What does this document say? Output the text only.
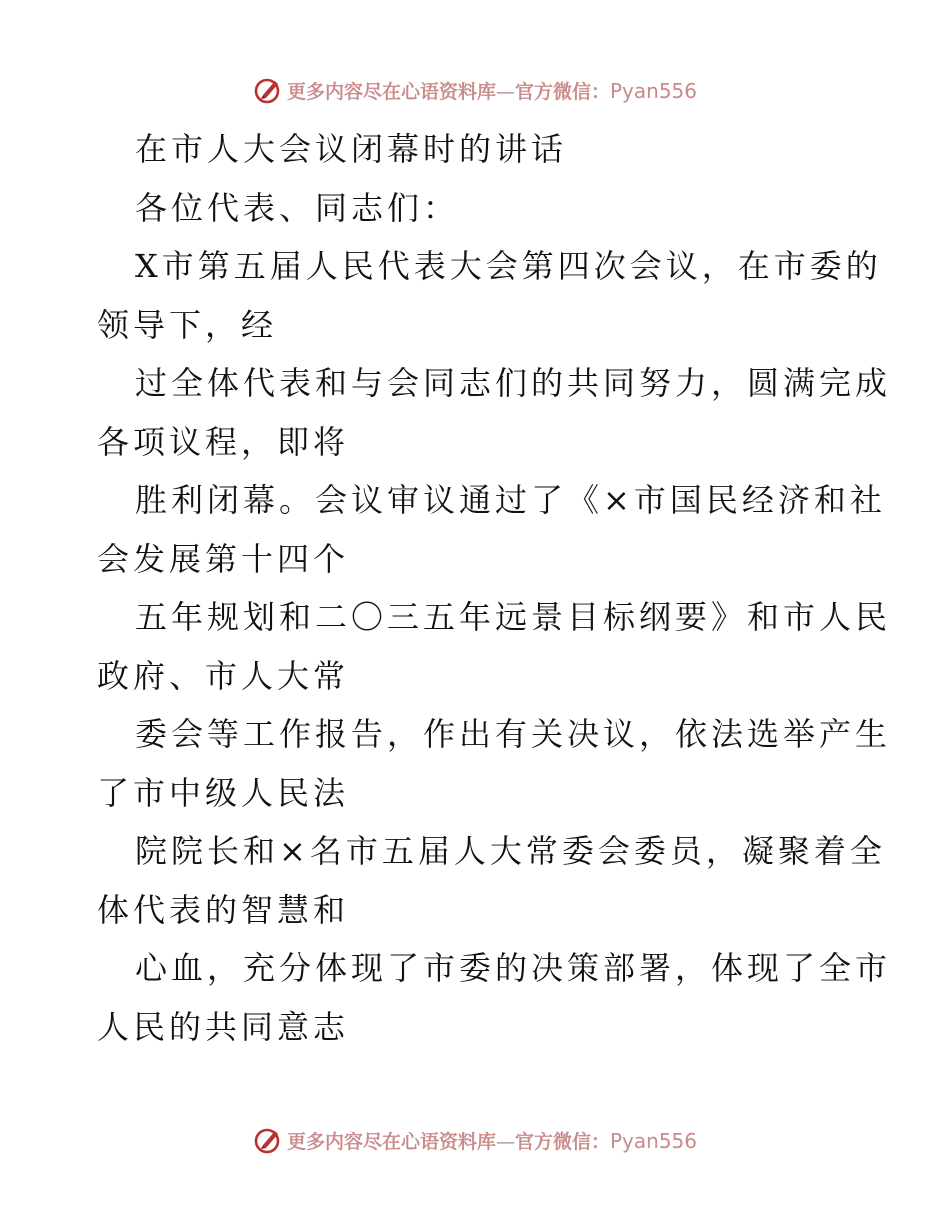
更多内容尽在心语资料库—官方微信：Pyan556
在市人大会议闭幕时的讲话
各位代表、同志们：
X市第五届人民代表大会第四次会议，在市委的
领导下，经
过全体代表和与会同志们的共同努力，圆满完成
各项议程，即将
胜利闭幕。会议审议通过了《×市国民经济和社
会发展第十四个
五年规划和二〇三五年远景目标纲要》和市人民
政府、市人大常
委会等工作报告，作出有关决议，依法选举产生
了市中级人民法
院院长和×名市五届人大常委会委员，凝聚着全
体代表的智慧和
心血，充分体现了市委的决策部署，体现了全市
人民的共同意志
更多内容尽在心语资料库—官方微信：Pyan556
